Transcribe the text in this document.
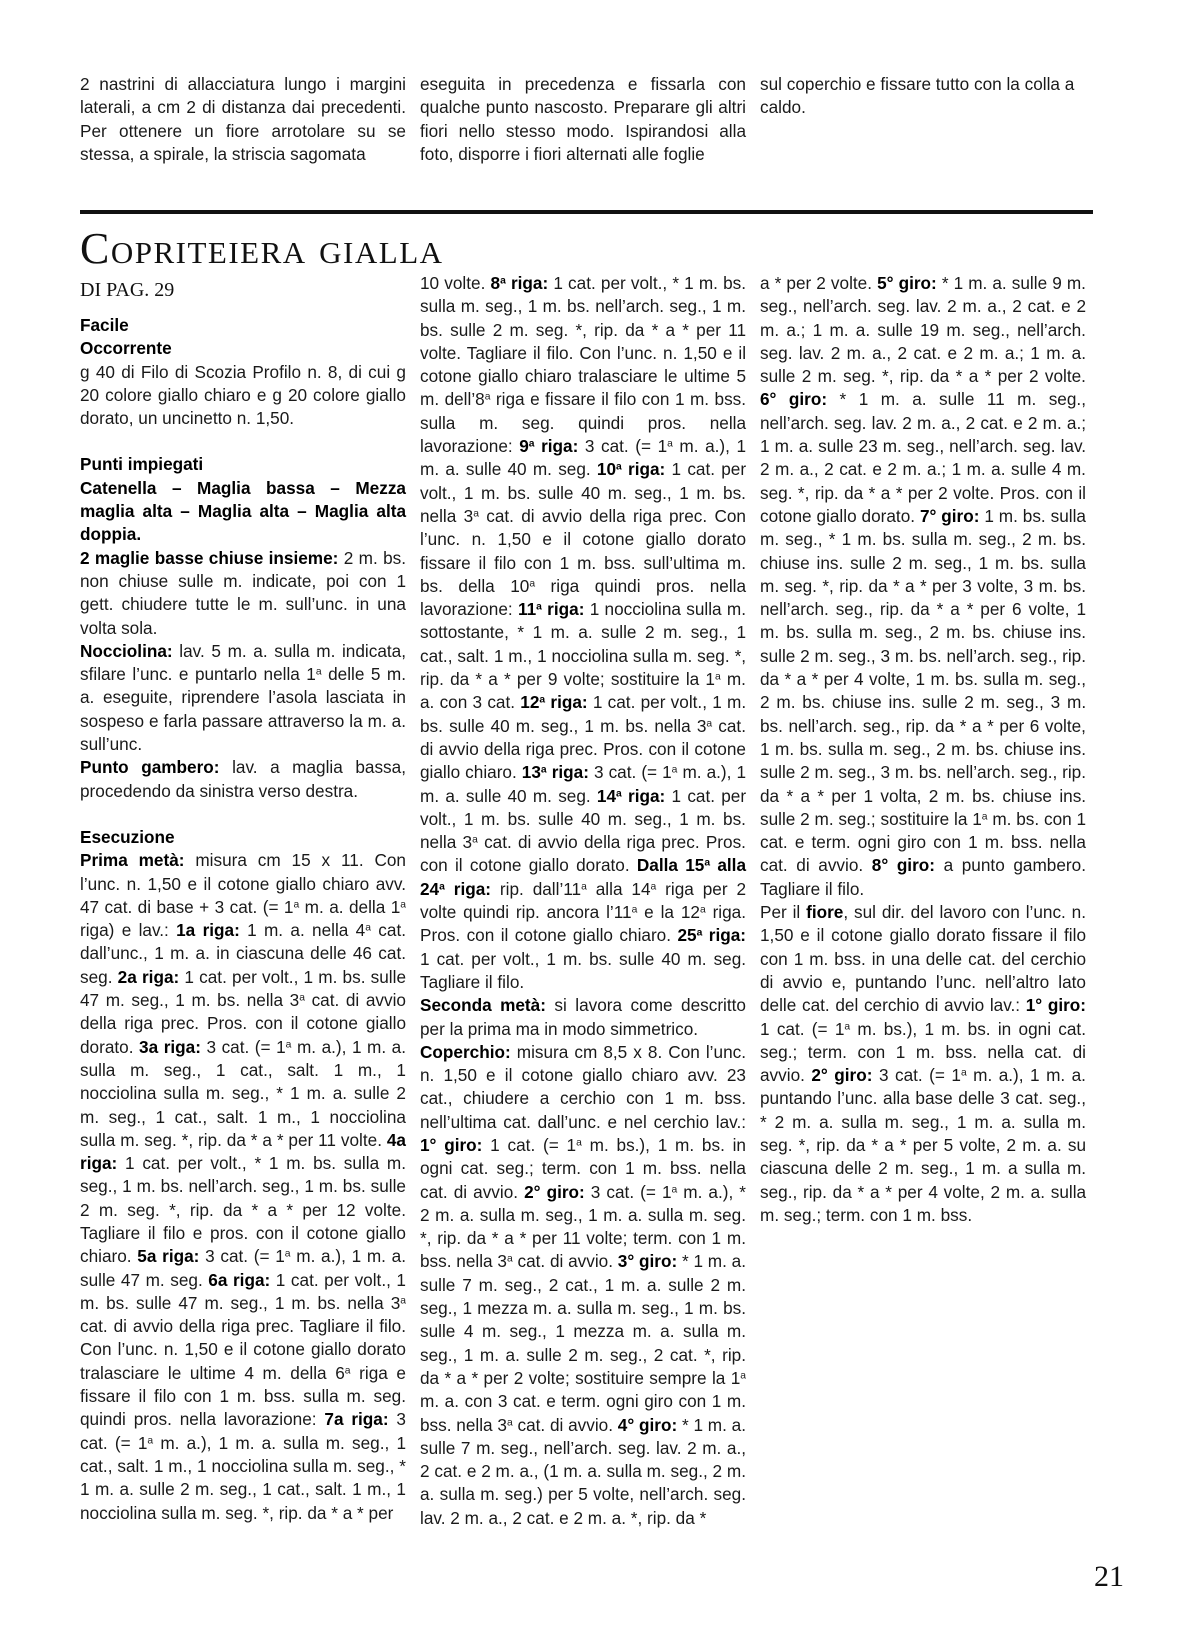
2 nastrini di allacciatura lungo i margini laterali, a cm 2 di distanza dai precedenti. Per ottenere un fiore arrotolare su se stessa, a spirale, la striscia sagomata

eseguita in precedenza e fissarla con qualche punto nascosto. Preparare gli altri fiori nello stesso modo. Ispirandosi alla foto, disporre i fiori alternati alle foglie

sul coperchio e fissare tutto con la colla a caldo.

Copriteiera gialla
DI PAG. 29

Facile

Occorrente

g 40 di Filo di Scozia Profilo n. 8, di cui g 20 colore giallo chiaro e g 20 colore giallo dorato, un uncinetto n. 1,50.

Punti impiegati

Catenella – Maglia bassa – Mezza maglia alta – Maglia alta – Maglia alta doppia.

2 maglie basse chiuse insieme: 2 m. bs. non chiuse sulle m. indicate, poi con 1 gett. chiudere tutte le m. sull’unc. in una volta sola.

Nocciolina: lav. 5 m. a. sulla m. indicata, sfilare l’unc. e puntarlo nella 1$^a$ delle 5 m. a. eseguite, riprendere l’asola lasciata in sospeso e farla passare attraverso la m. a. sull’unc.

Punto gambero: lav. a maglia bassa, procedendo da sinistra verso destra.

Esecuzione

Prima metà: misura cm 15 x 11. Con l’unc. n. 1,50 e il cotone giallo chiaro avv. 47 cat. di base + 3 cat. (= $1^a$ m. a. della 1$^a$ riga) e lav.: 1a riga: 1 m. a. nella 4$^a$ cat. dall’unc., 1 m. a. in ciascuna delle 46 cat. seg. 2a riga: 1 cat. per volt., 1 m. bs. sulle 47 m. seg., 1 m. bs. nella 3$^a$ cat. di avvio della riga prec. Pros. con il cotone giallo dorato. 3a riga: 3 cat. (= $1^a$ m. a.), 1 m. a. sulla m. seg., 1 cat., salt. 1 m., 1 nocciolina sulla m. seg., * 1 m. a. sulle 2 m. seg., 1 cat., salt. 1 m., 1 nocciolina sulla m. seg. *, rip. da * a * per 11 volte. 4a riga: 1 cat. per volt., * 1 m. bs. sulla m. seg., 1 m. bs. nell’arch. seg., 1 m. bs. sulle 2 m. seg. *, rip. da * a * per 12 volte. Tagliare il filo e pros. con il cotone giallo chiaro. 5a riga: 3 cat. (= $1^a$ m. a.), 1 m. a. sulle 47 m. seg. 6a riga: 1 cat. per volt., 1 m. bs. sulle 47 m. seg., 1 m. bs. nella 3$^a$ cat. di avvio della riga prec. Tagliare il filo. Con l’unc. n. 1,50 e il cotone giallo dorato tralasciare le ultime 4 m. della 6$^a$ riga e fissare il filo con 1 m. bss. sulla m. seg. quindi pros. nella lavorazione: 7a riga: 3 cat. (= $1^a$ m. a.), 1 m. a. sulla m. seg., 1 cat., salt. 1 m., 1 nocciolina sulla m. seg., * 1 m. a. sulle 2 m. seg., 1 cat., salt. 1 m., 1 nocciolina sulla m. seg. *, rip. da * a * per

10 volte. 8$^a$ riga: 1 cat. per volt., * 1 m. bs. sulla m. seg., 1 m. bs. nell’arch. seg., 1 m. bs. sulle 2 m. seg. *, rip. da * a * per 11 volte. Tagliare il filo. Con l’unc. n. 1,50 e il cotone giallo chiaro tralasciare le ultime 5 m. dell’8$^a$ riga e fissare il filo con 1 m. bss. sulla m. seg. quindi pros. nella lavorazione: 9$^a$ riga: 3 cat. (= $1^a$ m. a.), 1 m. a. sulle 40 m. seg. 10$^a$ riga: 1 cat. per volt., 1 m. bs. sulle 40 m. seg., 1 m. bs. nella 3$^a$ cat. di avvio della riga prec. Con l’unc. n. 1,50 e il cotone giallo dorato fissare il filo con 1 m. bss. sull’ultima m. bs. della 10$^a$ riga quindi pros. nella lavorazione: 11$^a$ riga: 1 nocciolina sulla m. sottostante, * 1 m. a. sulle 2 m. seg., 1 cat., salt. 1 m., 1 nocciolina sulla m. seg. *, rip. da * a * per 9 volte; sostituire la 1$^a$ m. a. con 3 cat. 12$^a$ riga: 1 cat. per volt., 1 m. bs. sulle 40 m. seg., 1 m. bs. nella 3$^a$ cat. di avvio della riga prec. Pros. con il cotone giallo chiaro. 13$^a$ riga: 3 cat. (= $1^a$ m. a.), 1 m. a. sulle 40 m. seg. 14$^a$ riga: 1 cat. per volt., 1 m. bs. sulle 40 m. seg., 1 m. bs. nella 3$^a$ cat. di avvio della riga prec. Pros. con il cotone giallo dorato. Dalla 15$^a$ alla 24$^a$ riga: rip. dall’11$^a$ alla 14$^a$ riga per 2 volte quindi rip. ancora l’11$^a$ e la 12$^a$ riga. Pros. con il cotone giallo chiaro. 25$^a$ riga: 1 cat. per volt., 1 m. bs. sulle 40 m. seg. Tagliare il filo.

Seconda metà: si lavora come descritto per la prima ma in modo simmetrico.

Coperchio: misura cm 8,5 x 8. Con l’unc. n. 1,50 e il cotone giallo chiaro avv. 23 cat., chiudere a cerchio con 1 m. bss. nell’ultima cat. dall’unc. e nel cerchio lav.: 1° giro: 1 cat. (= $1^a$ m. bs.), 1 m. bs. in ogni cat. seg.; term. con 1 m. bss. nella cat. di avvio. 2° giro: 3 cat. (= $1^a$ m. a.), * 2 m. a. sulla m. seg., 1 m. a. sulla m. seg. *, rip. da * a * per 11 volte; term. con 1 m. bss. nella 3$^a$ cat. di avvio. 3° giro: * 1 m. a. sulle 7 m. seg., 2 cat., 1 m. a. sulle 2 m. seg., 1 mezza m. a. sulla m. seg., 1 m. bs. sulle 4 m. seg., 1 mezza m. a. sulla m. seg., 1 m. a. sulle 2 m. seg., 2 cat. *, rip. da * a * per 2 volte; sostituire sempre la 1$^a$ m. a. con 3 cat. e term. ogni giro con 1 m. bss. nella 3$^a$ cat. di avvio. 4° giro: * 1 m. a. sulle 7 m. seg., nell’arch. seg. lav. 2 m. a., 2 cat. e 2 m. a., (1 m. a. sulla m. seg., 2 m. a. sulla m. seg.) per 5 volte, nell’arch. seg. lav. 2 m. a., 2 cat. e 2 m. a. *, rip. da *

a * per 2 volte. 5° giro: * 1 m. a. sulle 9 m. seg., nell’arch. seg. lav. 2 m. a., 2 cat. e 2 m. a.; 1 m. a. sulle 19 m. seg., nell’arch. seg. lav. 2 m. a., 2 cat. e 2 m. a.; 1 m. a. sulle 2 m. seg. *, rip. da * a * per 2 volte. 6° giro: * 1 m. a. sulle 11 m. seg., nell’arch. seg. lav. 2 m. a., 2 cat. e 2 m. a.; 1 m. a. sulle 23 m. seg., nell’arch. seg. lav. 2 m. a., 2 cat. e 2 m. a.; 1 m. a. sulle 4 m. seg. *, rip. da * a * per 2 volte. Pros. con il cotone giallo dorato. 7° giro: 1 m. bs. sulla m. seg., * 1 m. bs. sulla m. seg., 2 m. bs. chiuse ins. sulle 2 m. seg., 1 m. bs. sulla m. seg. *, rip. da * a * per 3 volte, 3 m. bs. nell’arch. seg., rip. da * a * per 6 volte, 1 m. bs. sulla m. seg., 2 m. bs. chiuse ins. sulle 2 m. seg., 3 m. bs. nell’arch. seg., rip. da * a * per 4 volte, 1 m. bs. sulla m. seg., 2 m. bs. chiuse ins. sulle 2 m. seg., 3 m. bs. nell’arch. seg., rip. da * a * per 6 volte, 1 m. bs. sulla m. seg., 2 m. bs. chiuse ins. sulle 2 m. seg., 3 m. bs. nell’arch. seg., rip. da * a * per 1 volta, 2 m. bs. chiuse ins. sulle 2 m. seg.; sostituire la 1$^a$ m. bs. con 1 cat. e term. ogni giro con 1 m. bss. nella cat. di avvio. 8° giro: a punto gambero. Tagliare il filo.

Per il fiore, sul dir. del lavoro con l’unc. n. 1,50 e il cotone giallo dorato fissare il filo con 1 m. bss. in una delle cat. del cerchio di avvio e, puntando l’unc. nell’altro lato delle cat. del cerchio di avvio lav.: 1° giro: 1 cat. (= $1^a$ m. bs.), 1 m. bs. in ogni cat. seg.; term. con 1 m. bss. nella cat. di avvio. 2° giro: 3 cat. (= $1^a$ m. a.), 1 m. a. puntando l’unc. alla base delle 3 cat. seg., * 2 m. a. sulla m. seg., 1 m. a. sulla m. seg. *, rip. da * a * per 5 volte, 2 m. a. su ciascuna delle 2 m. seg., 1 m. a sulla m. seg., rip. da * a * per 4 volte, 2 m. a. sulla m. seg.; term. con 1 m. bss.

21
